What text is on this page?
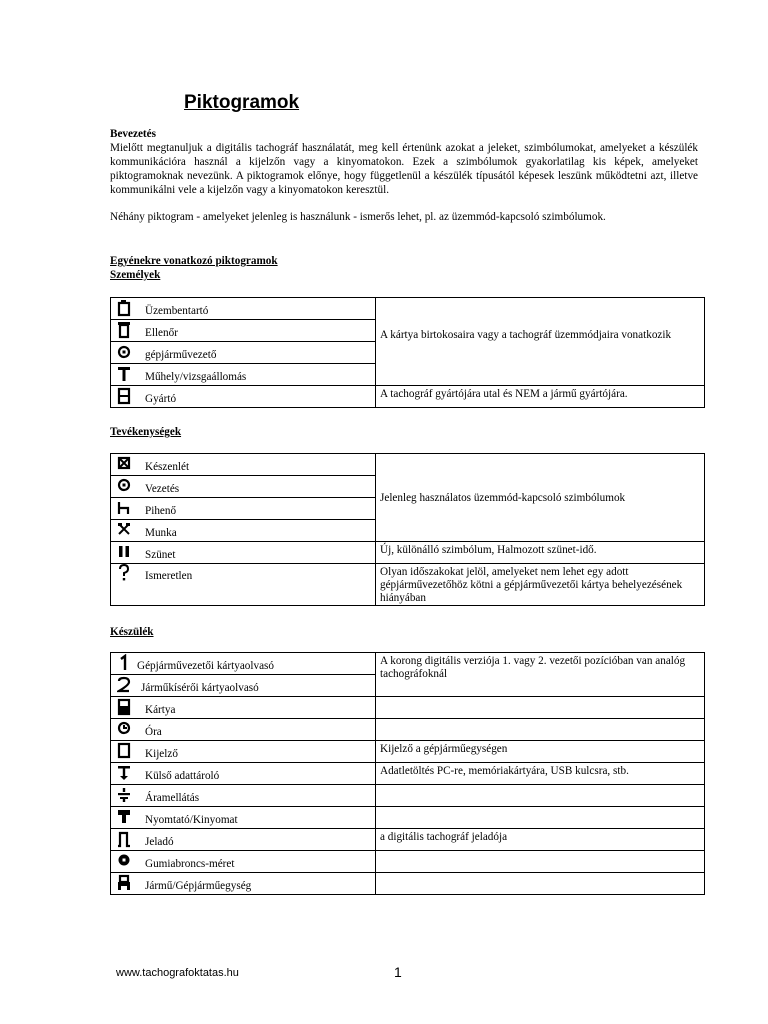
Piktogramok
Bevezetés

Mielőtt megtanuljuk a digitális tachográf használatát, meg kell értenünk azokat a jeleket, szimbólumokat, amelyeket a készülék kommunikációra használ a kijelzőn vagy a kinyomatokon. Ezek a szimbólumok gyakorlatilag kis képek, amelyeket piktogramoknak nevezünk. A piktogramok előnye, hogy függetlenül a készülék típusától képesek leszünk működtetni azt, illetve kommunikálni vele a kijelzőn vagy a kinyomatokon keresztül.

Néhány piktogram - amelyeket jelenleg is használunk - ismerős lehet, pl. az üzemmód-kapcsoló szimbólumok.

Egyénekre vonatkozó piktogramok
Személyek
Üzembentartó	A kártya birtokosaira vagy a tachográf üzemmódjaira vonatkozik

Ellenőr	

gépjárművezető	

Műhely/vizsgaállomás	

Gyártó	A tachográf gyártójára utal és NEM a jármű gyártójára.
Tevékenységek
Készenlét	Jelenleg használatos üzemmód-kapcsoló szimbólumok

Vezetés	

Pihenő	

Munka	

Szünet	Új, különálló szimbólum, Halmozott szünet-idő.

Ismeretlen	Olyan időszakokat jelöl, amelyeket nem lehet egy adott gépjárművezetőhöz kötni a gépjárművezetői kártya behelyezésének hiányában
Készülék
Gépjárművezetői kártyaolvasó	A korong digitális verziója 1. vagy 2. vezetői pozícióban van analóg tachográfoknál

Járműkísérői kártyaolvasó	

Kártya	

Óra	

Kijelző	Kijelző a gépjárműegységen

Külső adattároló	Adatletöltés PC-re, memóriakártyára, USB kulcsra, stb.

Áramellátás	

Nyomtató/Kinyomat	

Jeladó	a digitális tachográf jeladója

Gumiabroncs-méret	

Jármű/Gépjárműegység	
www.tachografoktatas.hu	1
